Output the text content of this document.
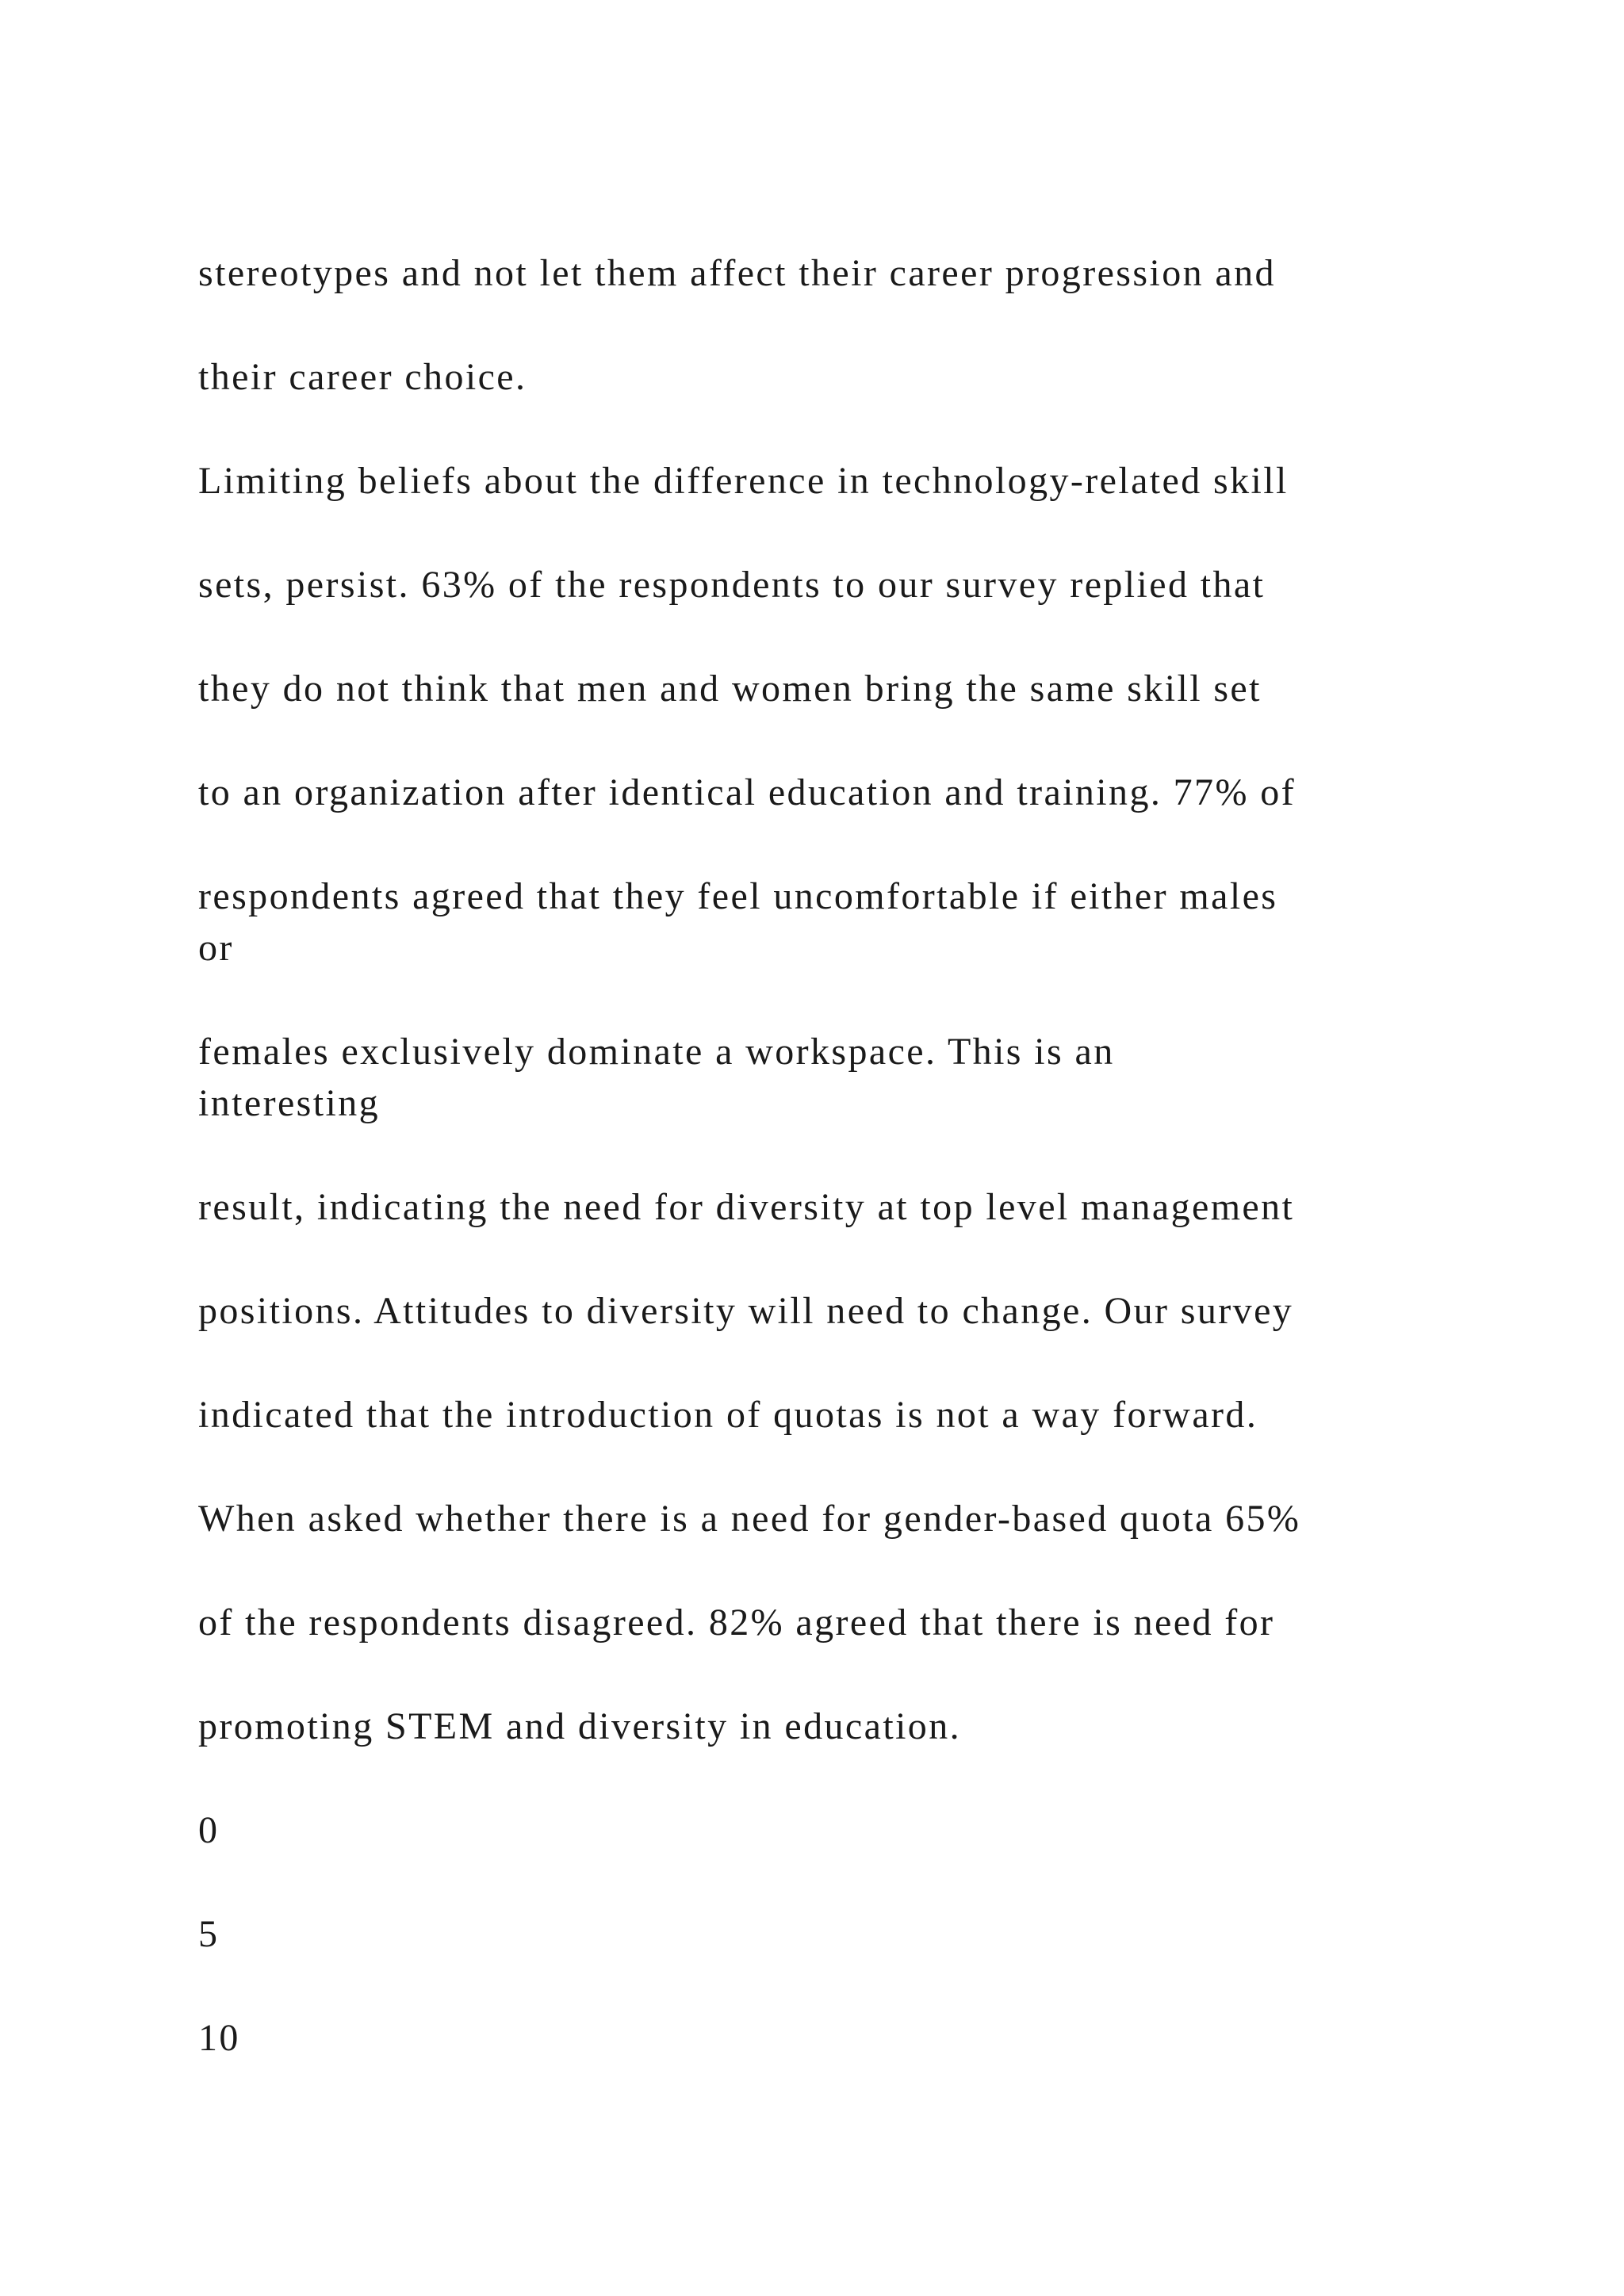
stereotypes and not let them affect their career progression and

their career choice.

Limiting beliefs about the difference in technology-related skill

sets, persist. 63% of the respondents to our survey replied that

they do not think that men and women bring the same skill set

to an organization after identical education and training. 77% of

respondents agreed that they feel uncomfortable if either males

or

females exclusively dominate a workspace. This is an

interesting

result, indicating the need for diversity at top level management

positions. Attitudes to diversity will need to change. Our survey

indicated that the introduction of quotas is not a way forward.

When asked whether there is a need for gender-based quota 65%

of the respondents disagreed. 82% agreed that there is need for

promoting STEM and diversity in education.

0

5

10
